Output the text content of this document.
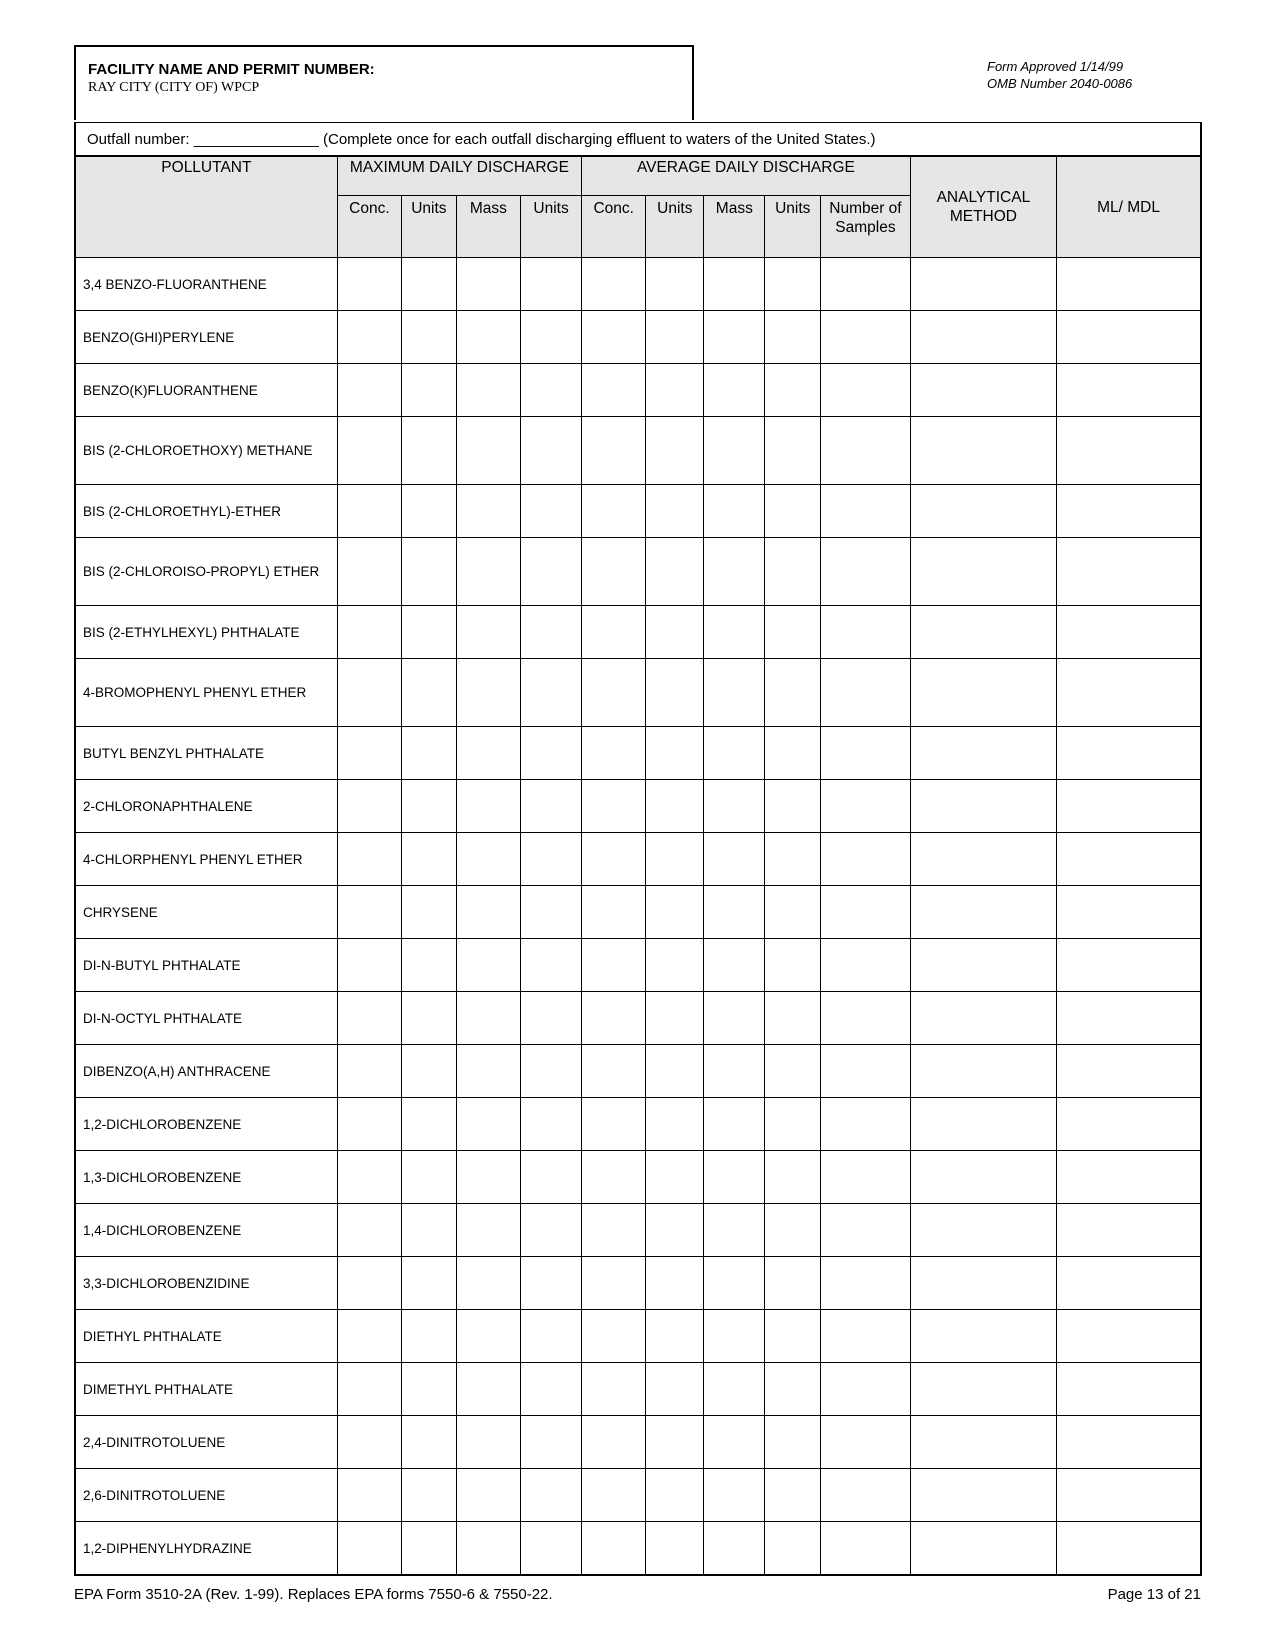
FACILITY NAME AND PERMIT NUMBER:
RAY CITY (CITY OF) WPCP
Form Approved 1/14/99
OMB Number 2040-0086
Outfall number: _______________ (Complete once for each outfall discharging effluent to waters of the United States.)											
POLLUTANT	MAXIMUM DAILY DISCHARGE				AVERAGE DAILY DISCHARGE					ANALYTICAL METHOD	ML/ MDL
	Conc.	Units	Mass	Units	Conc.	Units	Mass	Units	Number of Samples		
3,4 BENZO-FLUORANTHENE											
BENZO(GHI)PERYLENE											
BENZO(K)FLUORANTHENE											
BIS (2-CHLOROETHOXY) METHANE											
BIS (2-CHLOROETHYL)-ETHER											
BIS (2-CHLOROISO-PROPYL) ETHER											
BIS (2-ETHYLHEXYL) PHTHALATE											
4-BROMOPHENYL PHENYL ETHER											
BUTYL BENZYL PHTHALATE											
2-CHLORONAPHTHALENE											
4-CHLORPHENYL PHENYL ETHER											
CHRYSENE											
DI-N-BUTYL PHTHALATE											
DI-N-OCTYL PHTHALATE											
DIBENZO(A,H) ANTHRACENE											
1,2-DICHLOROBENZENE											
1,3-DICHLOROBENZENE											
1,4-DICHLOROBENZENE											
3,3-DICHLOROBENZIDINE											
DIETHYL PHTHALATE											
DIMETHYL PHTHALATE											
2,4-DINITROTOLUENE											
2,6-DINITROTOLUENE											
1,2-DIPHENYLHYDRAZINE											
EPA Form 3510-2A (Rev. 1-99). Replaces EPA forms 7550-6 & 7550-22.	Page 13 of 21
